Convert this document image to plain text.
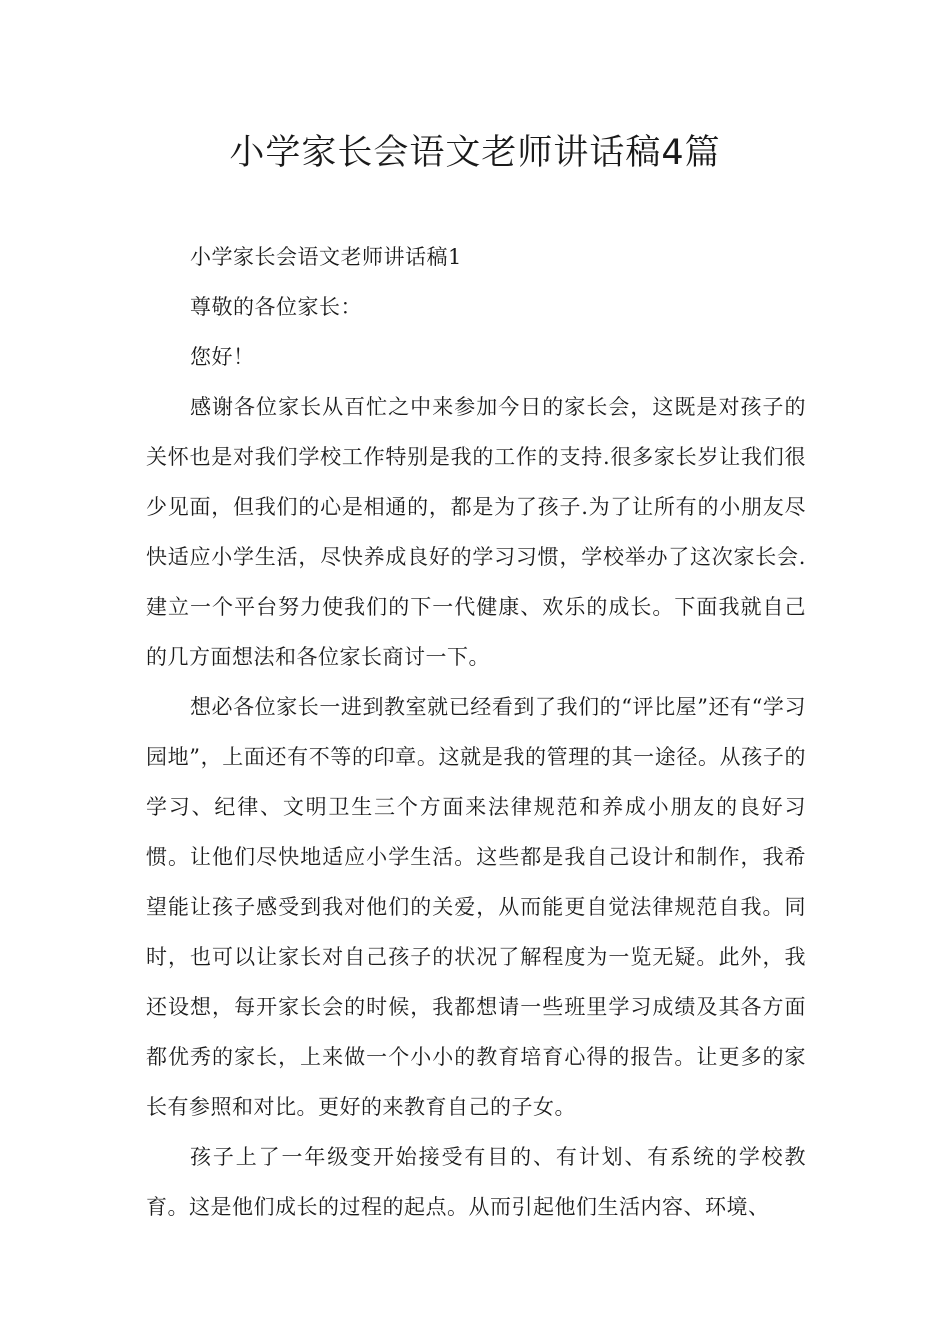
小学家长会语文老师讲话稿4篇

小学家长会语文老师讲话稿1

尊敬的各位家长：

您好！

感谢各位家长从百忙之中来参加今日的家长会，这既是对孩子的关怀也是对我们学校工作特别是我的工作的支持.很多家长岁让我们很少见面，但我们的心是相通的，都是为了孩子.为了让所有的小朋友尽快适应小学生活，尽快养成良好的学习习惯，学校举办了这次家长会.建立一个平台努力使我们的下一代健康、欢乐的成长。下面我就自己的几方面想法和各位家长商讨一下。

想必各位家长一进到教室就已经看到了我们的“评比屋”还有“学习园地”，上面还有不等的印章。这就是我的管理的其一途径。从孩子的学习、纪律、文明卫生三个方面来法律规范和养成小朋友的良好习惯。让他们尽快地适应小学生活。这些都是我自己设计和制作，我希望能让孩子感受到我对他们的关爱，从而能更自觉法律规范自我。同时，也可以让家长对自己孩子的状况了解程度为一览无疑。此外，我还设想，每开家长会的时候，我都想请一些班里学习成绩及其各方面都优秀的家长，上来做一个小小的教育培育心得的报告。让更多的家长有参照和对比。更好的来教育自己的子女。

孩子上了一年级变开始接受有目的、有计划、有系统的学校教育。这是他们成长的过程的起点。从而引起他们生活内容、环境、
